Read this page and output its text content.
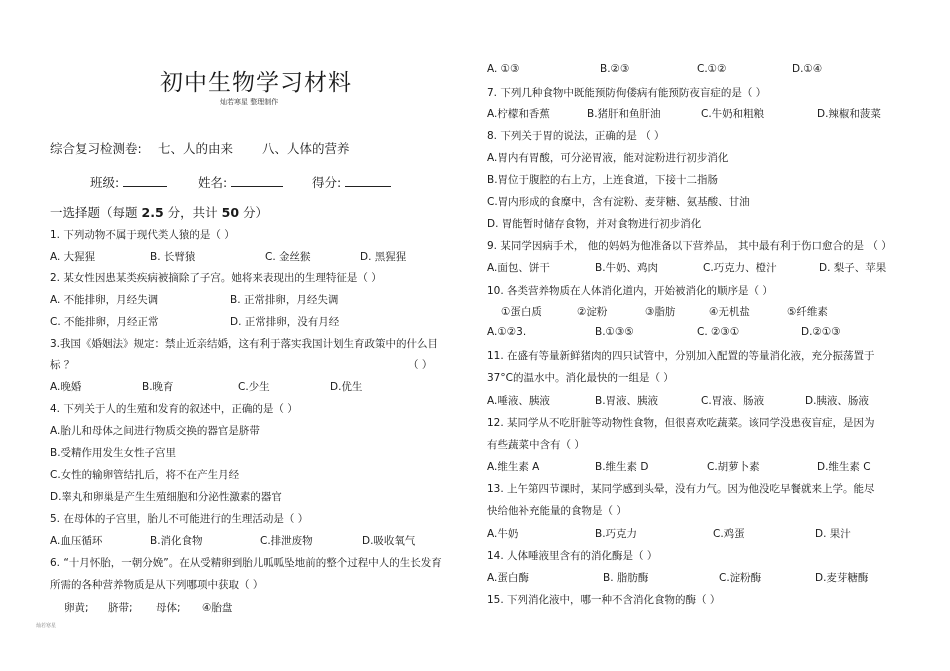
初中生物学习材料
灿若寒星 整理制作
综合复习检测卷: 七、人的由来 八、人体的营养
班级:	姓名:	得分:
一选择题（每题 2.5 分，共计 50 分）
1. 下列动物不属于现代类人猿的是（ ）
A. 大猩猩	B. 长臂猿	C. 金丝猴	D. 黑猩猩
2. 某女性因患某类疾病被摘除了子宫。她将来表现出的生理特征是（ ）
A. 不能排卵，月经失调	B. 正常排卵，月经失调
C. 不能排卵，月经正常	D. 正常排卵，没有月经
3.我国《婚姻法》规定：禁止近亲结婚，这有利于落实我国计划生育政策中的什么目
标 ？	（ ）
A.晚婚	B.晚育	C.少生	D.优生
4. 下列关于人的生殖和发育的叙述中，正确的是（ ）
A.胎儿和母体之间进行物质交换的器官是脐带
B.受精作用发生女性子宫里
C.女性的输卵管结扎后，将不在产生月经
D.睾丸和卵巢是产生生殖细胞和分泌性激素的器官
5. 在母体的子宫里，胎儿不可能进行的生理活动是（ ）
A.血压循环	B.消化食物	C.排泄废物	D.吸收氧气
6. “十月怀胎，一朝分娩”。在从受精卵到胎儿呱呱坠地前的整个过程中人的生长发育
所需的各种营养物质是从下列哪项中获取（ ）
卵黄; 脐带; 母体; ④胎盘
灿若寒星
A. ①③	B.②③	C.①②	D.①④
7. 下列几种食物中既能预防佝偻病有能预防夜盲症的是（ ）
A.柠檬和香蕉	B.猪肝和鱼肝油	C.牛奶和粗粮	D.辣椒和菠菜
8. 下列关于胃的说法，正确的是 （ ）
A.胃内有胃酸，可分泌胃液，能对淀粉进行初步消化
B.胃位于腹腔的右上方，上连食道，下接十二指肠
C.胃内形成的食糜中，含有淀粉、麦芽糖、氨基酸、甘油
D. 胃能暂时储存食物，并对食物进行初步消化
9. 某同学因病手术， 他的妈妈为他准备以下营养品， 其中最有利于伤口愈合的是 （ ）
A.面包、饼干	B.牛奶、鸡肉	C.巧克力、橙汁	D. 梨子、苹果
10. 各类营养物质在人体消化道内，开始被消化的顺序是（ ）
①蛋白质	②淀粉	③脂肪	④无机盐	⑤纤维素
A.①②3.	B.①③⑤	C. ②③①	D.②①③
11. 在盛有等量新鲜猪肉的四只试管中，分别加入配置的等量消化液，充分振荡置于
37°C的温水中。消化最快的一组是（ ）
A.唾液、胰液	B.胃液、胰液	C.胃液、肠液	D.胰液、肠液
12. 某同学从不吃肝脏等动物性食物，但很喜欢吃蔬菜。该同学没患夜盲症，是因为
有些蔬菜中含有（ ）
A.维生素 A	B.维生素 D	C.胡萝卜素	D.维生素 C
13. 上午第四节课时，某同学感到头晕，没有力气。因为他没吃早餐就来上学。能尽
快给他补充能量的食物是（ ）
A.牛奶	B.巧克力	C.鸡蛋	D. 果汁
14. 人体唾液里含有的消化酶是（ ）
A.蛋白酶	B. 脂肪酶	C.淀粉酶	D.麦芽糖酶
15. 下列消化液中，哪一种不含消化食物的酶（ ）
